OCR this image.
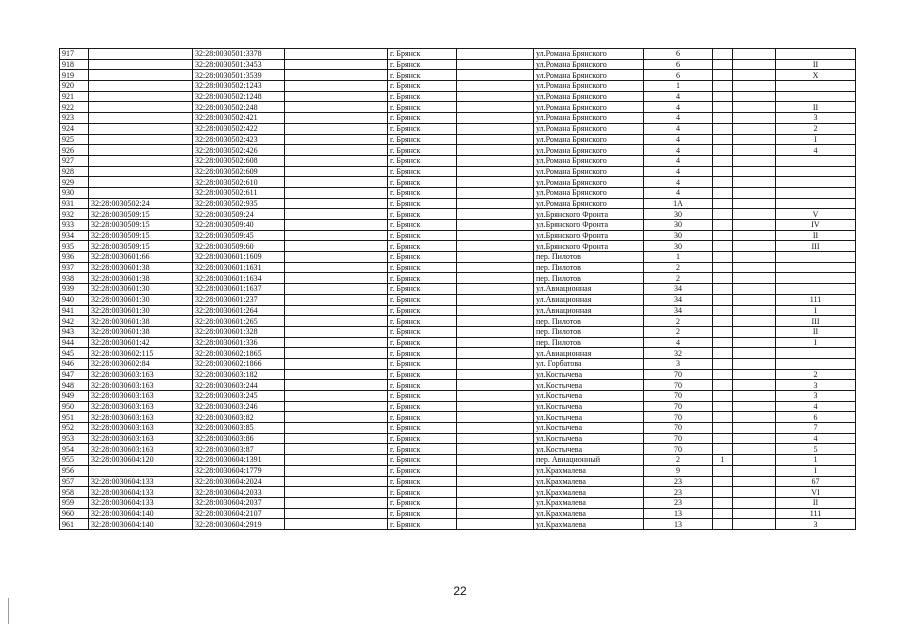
917		32:28:0030501:3378		г. Брянск		ул.Романа Брянского	6			
918		32:28:0030501:3453		г. Брянск		ул.Романа Брянского	6			II
919		32:28:0030501:3539		г. Брянск		ул.Романа Брянского	6			X
920		32:28:0030502:1243		г. Брянск		ул.Романа Брянского	1			
921		32:28:0030502:1248		г. Брянск		ул.Романа Брянского	4			
922		32:28:0030502:248		г. Брянск		ул.Романа Брянского	4			II
923		32:28:0030502:421		г. Брянск		ул.Романа Брянского	4			3
924		32:28:0030502:422		г. Брянск		ул.Романа Брянского	4			2
925		32:28:0030502:423		г. Брянск		ул.Романа Брянского	4			I
926		32:28:0030502:426		г. Брянск		ул.Романа Брянского	4			4
927		32:28:0030502:608		г. Брянск		ул.Романа Брянского	4			
928		32:28:0030502:609		г. Брянск		ул.Романа Брянского	4			
929		32:28:0030502:610		г. Брянск		ул.Романа Брянского	4			
930		32:28:0030502:611		г. Брянск		ул.Романа Брянского	4			
931	32:28:0030502:24	32:28:0030502:935		г. Брянск		ул.Романа Брянского	1А			
932	32:28:0030509:15	32:28:0030509:24		г. Брянск		ул.Брянского Фронта	30			V
933	32:28:0030509:15	32:28:0030509:40		г. Брянск		ул.Брянского Фронта	30			IV
934	32:28:0030509:15	32:28:0030509:45		г. Брянск		ул.Брянского Фронта	30			II
935	32:28:0030509:15	32:28:0030509:60		г. Брянск		ул.Брянского Фронта	30			III
936	32:28:0030601:66	32:28:0030601:1609		г. Брянск		пер. Пилотов	1			
937	32:28:0030601:38	32:28:0030601:1631		г. Брянск		пер. Пилотов	2			
938	32:28:0030601:38	32:28:0030601:1634		г. Брянск		пер. Пилотов	2			
939	32:28:0030601:30	32:28:0030601:1637		г. Брянск		ул.Авиационная	34			
940	32:28:0030601:30	32:28:0030601:237		г. Брянск		ул.Авиационная	34			111
941	32:28:0030601:30	32:28:0030601:264		г. Брянск		ул.Авиационная	34			I
942	32:28:0030601:38	32:28:0030601:265		г. Брянск		пер. Пилотов	2			III
943	32:28:0030601:38	32:28:0030601:328		г. Брянск		пер. Пилотов	2			II
944	32:28:0030601:42	32:28:0030601:336		г. Брянск		пер. Пилотов	4			I
945	32:28:0030602:115	32:28:0030602:1865		г. Брянск		ул.Авиационная	32			
946	32:28:0030602:84	32:28:0030602:1866		г. Брянск		ул. Горбатова	3			
947	32:28:0030603:163	32:28:0030603:182		г. Брянск		ул.Костычева	70			2
948	32:28:0030603:163	32:28:0030603:244		г. Брянск		ул.Костычева	70			3
949	32:28:0030603:163	32:28:0030603:245		г. Брянск		ул.Костычева	70			3
950	32:28:0030603:163	32:28:0030603:246		г. Брянск		ул.Костычева	70			4
951	32:28:0030603:163	32:28:0030603:82		г. Брянск		ул.Костычева	70			6
952	32:28:0030603:163	32:28:0030603:85		г. Брянск		ул.Костычева	70			7
953	32:28:0030603:163	32:28:0030603:86		г. Брянск		ул.Костычева	70			4
954	32:28:0030603:163	32:28:0030603:87		г. Брянск		ул.Костычева	70			5
955	32:28:0030604:120	32:28:0030604:1391		г. Брянск		пер. Авиационный	2	1		1
956		32:28:0030604:1779		г. Брянск		ул.Крахмалева	9			I
957	32:28:0030604:133	32:28:0030604:2024		г. Брянск		ул.Крахмалева	23			67
958	32:28:0030604:133	32:28:0030604:2033		г. Брянск		ул.Крахмалева	23			VI
959	32:28:0030604:133	32:28:0030604:2037		г. Брянск		ул.Крахмалева	23			II
960	32:28:0030604:140	32:28:0030604:2107		г. Брянск		ул.Крахмалева	13			111
961	32:28:0030604:140	32:28:0030604:2919		г. Брянск		ул.Крахмалева	13			3
22
